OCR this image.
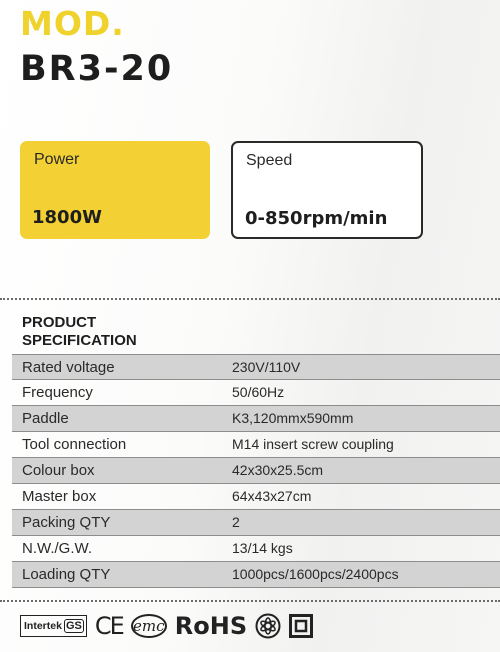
MOD.
BR3-20
Power
1800W
Speed
0-850rpm/min
PRODUCT
SPECIFICATION
Rated voltage	230V/110V
Frequency	50/60Hz
Paddle	K3,120mmx590mm
Tool connection	M14 insert screw coupling
Colour box	42x30x25.5cm
Master box	64x43x27cm
Packing QTY	2
N.W./G.W.	13/14 kgs
Loading QTY	1000pcs/1600pcs/2400pcs
Intertek GS CE emc RoHS
